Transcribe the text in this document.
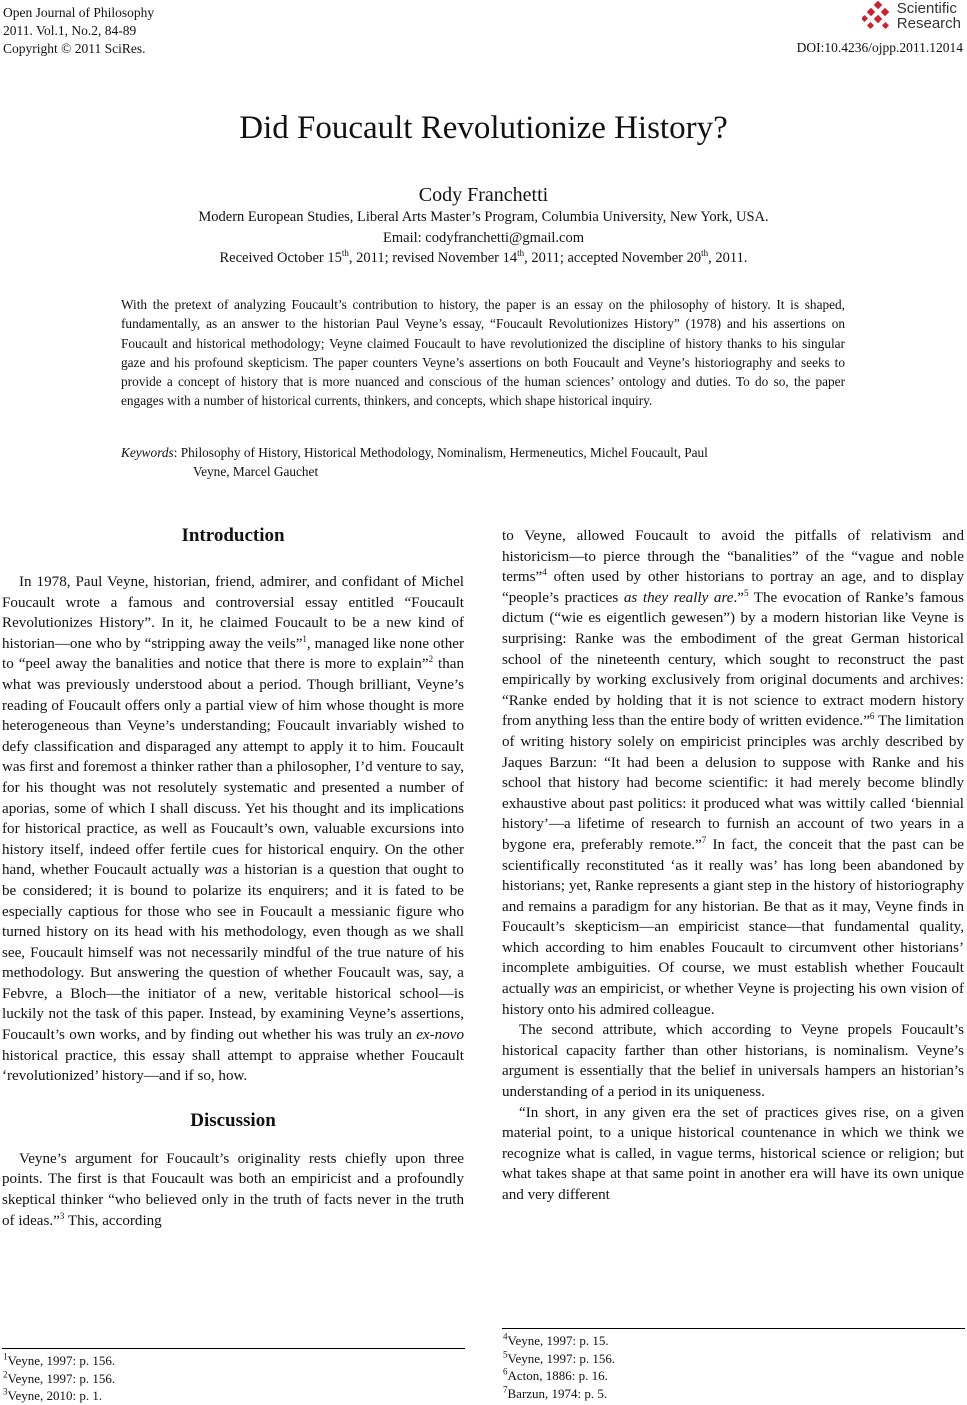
Open Journal of Philosophy
2011. Vol.1, No.2, 84-89
Copyright © 2011 SciRes.
Scientific
Research
DOI:10.4236/ojpp.2011.12014
Did Foucault Revolutionize History?
Cody Franchetti
Modern European Studies, Liberal Arts Master’s Program, Columbia University, New York, USA.
Email: codyfranchetti@gmail.com
Received October 15th, 2011; revised November 14th, 2011; accepted November 20th, 2011.
With the pretext of analyzing Foucault’s contribution to history, the paper is an essay on the philosophy of history. It is shaped, fundamentally, as an answer to the historian Paul Veyne’s essay, “Foucault Revolutionizes History” (1978) and his assertions on Foucault and historical methodology; Veyne claimed Foucault to have revolutionized the discipline of history thanks to his singular gaze and his profound skepticism. The paper counters Veyne’s assertions on both Foucault and Veyne’s historiography and seeks to provide a concept of history that is more nuanced and conscious of the human sciences’ ontology and duties. To do so, the paper engages with a number of historical currents, thinkers, and concepts, which shape historical inquiry.
Keywords: Philosophy of History, Historical Methodology, Nominalism, Hermeneutics, Michel Foucault, Paul
Veyne, Marcel Gauchet
Introduction

In 1978, Paul Veyne, historian, friend, admirer, and confidant of Michel Foucault wrote a famous and controversial essay entitled “Foucault Revolutionizes History”. In it, he claimed Foucault to be a new kind of historian—one who by “stripping away the veils”$^1$, managed like none other to “peel away the banalities and notice that there is more to explain”$^2$ than what was previously understood about a period. Though brilliant, Veyne’s reading of Foucault offers only a partial view of him whose thought is more heterogeneous than Veyne’s understanding; Foucault invariably wished to defy classification and disparaged any attempt to apply it to him. Foucault was first and foremost a thinker rather than a philosopher, I’d venture to say, for his thought was not resolutely systematic and presented a number of aporias, some of which I shall discuss. Yet his thought and its implications for historical practice, as well as Foucault’s own, valuable excursions into history itself, indeed offer fertile cues for historical enquiry. On the other hand, whether Foucault actually was a historian is a question that ought to be considered; it is bound to polarize its enquirers; and it is fated to be especially captious for those who see in Foucault a messianic figure who turned history on its head with his methodology, even though as we shall see, Foucault himself was not necessarily mindful of the true nature of his methodology. But answering the question of whether Foucault was, say, a Febvre, a Bloch—the initiator of a new, veritable historical school—is luckily not the task of this paper. Instead, by examining Veyne’s assertions, Foucault’s own works, and by finding out whether his was truly an ex-novo historical practice, this essay shall attempt to appraise whether Foucault ‘revolutionized’ history—and if so, how.

Discussion

Veyne’s argument for Foucault’s originality rests chiefly upon three points. The first is that Foucault was both an empiricist and a profoundly skeptical thinker “who believed only in the truth of facts never in the truth of ideas.”$^3$ This, according

to Veyne, allowed Foucault to avoid the pitfalls of relativism and historicism—to pierce through the “banalities” of the “vague and noble terms”$^4$ often used by other historians to portray an age, and to display “people’s practices as they really are.”$^5$ The evocation of Ranke’s famous dictum (“wie es eigentlich gewesen”) by a modern historian like Veyne is surprising: Ranke was the embodiment of the great German historical school of the nineteenth century, which sought to reconstruct the past empirically by working exclusively from original documents and archives: “Ranke ended by holding that it is not science to extract modern history from anything less than the entire body of written evidence.”$^6$ The limitation of writing history solely on empiricist principles was archly described by Jaques Barzun: “It had been a delusion to suppose with Ranke and his school that history had become scientific: it had merely become blindly exhaustive about past politics: it produced what was wittily called ‘biennial history’—a lifetime of research to furnish an account of two years in a bygone era, preferably remote.”$^7$ In fact, the conceit that the past can be scientifically reconstituted ‘as it really was’ has long been abandoned by historians; yet, Ranke represents a giant step in the history of historiography and remains a paradigm for any historian. Be that as it may, Veyne finds in Foucault’s skepticism—an empiricist stance—that fundamental quality, which according to him enables Foucault to circumvent other historians’ incomplete ambiguities. Of course, we must establish whether Foucault actually was an empiricist, or whether Veyne is projecting his own vision of history onto his admired colleague.

The second attribute, which according to Veyne propels Foucault’s historical capacity farther than other historians, is nominalism. Veyne’s argument is essentially that the belief in universals hampers an historian’s understanding of a period in its uniqueness.

“In short, in any given era the set of practices gives rise, on a given material point, to a unique historical countenance in which we think we recognize what is called, in vague terms, historical science or religion; but what takes shape at that same point in another era will have its own unique and very different

$^1$Veyne, 1997: p. 156.
$^2$Veyne, 1997: p. 156.
$^3$Veyne, 2010: p. 1.
$^4$Veyne, 1997: p. 15.
$^5$Veyne, 1997: p. 156.
$^6$Acton, 1886: p. 16.
$^7$Barzun, 1974: p. 5.
